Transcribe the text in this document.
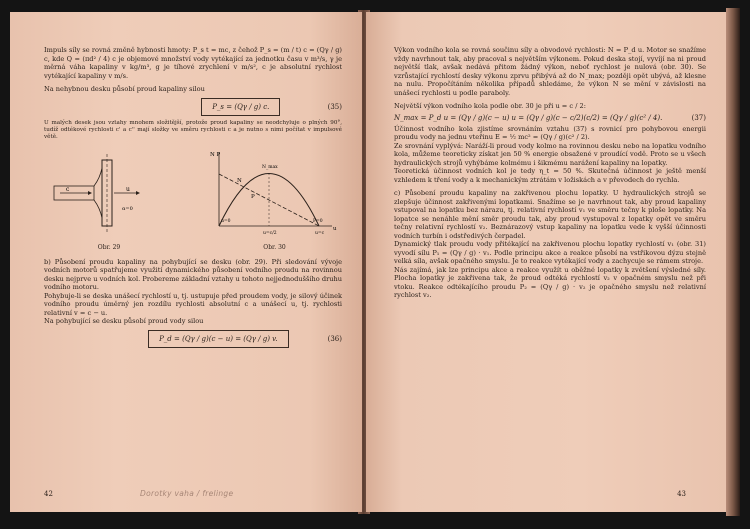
Impuls síly se rovná změně hybnosti hmoty: P_s t = mc, z čehož P_s = (m / t) c = (Qγ / g) c, kde Q = (πd² / 4) c je objemové množství vody vytékající za jednotku času v m³/s, γ je měrná váha kapaliny v kg/m³, g je tíhové zrychlení v m/s², c je absolutní rychlost vytékající kapaliny v m/s.

Na nehybnou desku působí proud kapaliny silou

P_s = (Qγ / g) c.	(35)

U malých desek jsou vztahy mnohem složitější, protože proud kapaliny se neodchyluje o plných 90°, tudíž odtékové rychlosti c' a c'' mají složky ve směru rychlosti c a je nutno s nimi počítat v impulsové větě.

c	u
α=0
Obr. 29
N P
N_max
N
P
P=0
u=0
u=c
u=c/2
u
Obr. 30

b) Působení proudu kapaliny na pohybující se desku (obr. 29). Při sledování vývoje vodních motorů spatřujeme využití dynamického působení vodního proudu na rovinnou desku nejprve u vodních kol. Probereme základní vztahy u tohoto nejjednoduššího druhu vodního motoru.

Pohybuje-li se deska unášecí rychlostí u, tj. ustupuje před proudem vody, je silový účinek vodního proudu úměrný jen rozdílu rychlosti absolutní c a unášecí u, tj. rychlosti relativní v = c − u.

Na pohybující se desku působí proud vody silou

P_d = (Qγ / g)(c − u) = (Qγ / g) v.	(36)
42	Dorotky vaha / frelinge

Výkon vodního kola se rovná součinu síly a obvodové rychlosti: N = P_d u. Motor se snažíme vždy navrhnout tak, aby pracoval s největším výkonem. Pokud deska stojí, vyvíjí na ni proud největší tlak, avšak nedává přitom žádný výkon, neboť rychlost je nulová (obr. 30). Se vzrůstající rychlostí desky výkonu zprvu přibývá až do N_max; později opět ubývá, až klesne na nulu. Propočítáním několika případů shledáme, že výkon N se mění v závislosti na unášecí rychlosti u podle paraboly.

Největší výkon vodního kola podle obr. 30 je při u = c / 2:

N_max = P_d u = (Qγ / g)(c − u) u = (Qγ / g)(c − c/2)(c/2) = (Qγ / g)(c² / 4).	(37)

Účinnost vodního kola zjistíme srovnáním vztahu (37) s rovnicí pro pohybovou energii proudu vody na jednu vteřinu E = ½ mc² = (Qγ / g)(c² / 2).

Ze srovnání vyplývá: Naráží-li proud vody kolmo na rovinnou desku nebo na lopatku vodního kola, můžeme teoreticky získat jen 50 % energie obsažené v proudící vodě. Proto se u všech hydraulických strojů vyhýbáme kolmému i šikmému narážení kapaliny na lopatky.

Teoretická účinnost vodních kol je tedy η_t = 50 %. Skutečná účinnost je ještě menší vzhledem k tření vody a k mechanickým ztrátám v ložiskách a v převodech do rychla.

c) Působení proudu kapaliny na zakřivenou plochu lopatky. U hydraulických strojů se zlepšuje účinnost zakřivenými lopatkami. Snažíme se je navrhnout tak, aby proud kapaliny vstupoval na lopatku bez nárazu, tj. relativní rychlostí v₁ ve směru tečny k ploše lopatky. Na lopatce se nenáhle mění směr proudu tak, aby proud vystupoval z lopatky opět ve směru tečny relativní rychlostí v₂. Beznárazový vstup kapaliny na lopatku vede k vyšší účinnosti vodních turbín i odstředivých čerpadel.

Dynamický tlak proudu vody přitékající na zakřivenou plochu lopatky rychlostí v₁ (obr. 31) vyvodí sílu P₁ = (Qγ / g) · v₁. Podle principu akce a reakce působí na vstřikovou dýzu stejně velká síla, avšak opačného smyslu. Je to reakce vytékající vody a zachycuje se rámem stroje.

Nás zajímá, jak lze principu akce a reakce využít u oběžné lopatky k zvětšení výsledné síly. Plocha lopatky je zakřivena tak, že proud odtéká rychlostí v₂ v opačném smyslu než při vtoku. Reakce odtékajícího proudu P₂ = (Qγ / g) · v₂ je opačného smyslu než relativní rychlost v₂.

43
